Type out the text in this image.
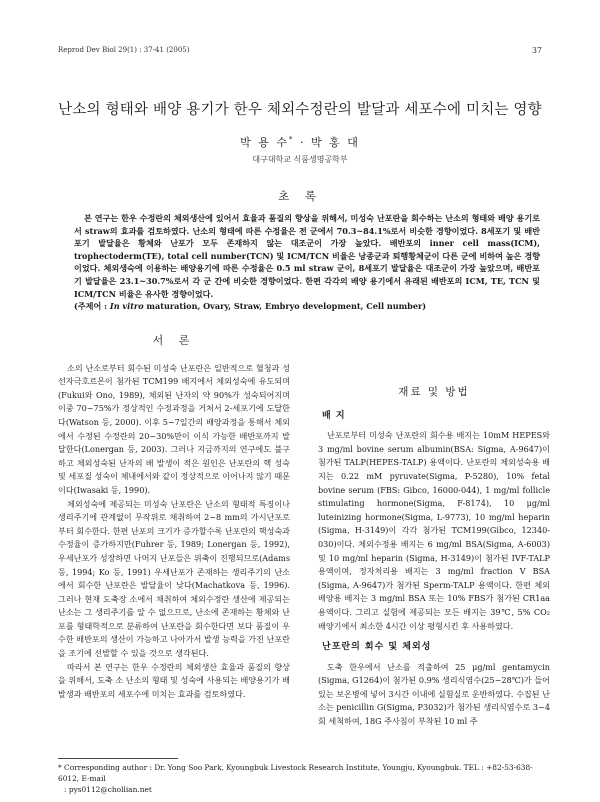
Reprod Dev Biol 29(1) : 37-41 (2005)	37
난소의 형태와 배양 용기가 한우 체외수정란의 발달과 세포수에 미치는 영향
박 용 수* · 박 홍 대
대구대학교 식품생명공학부
초 록

본 연구는 한우 수정란의 체외생산에 있어서 효율과 품질의 향상을 위해서, 미성숙 난포란을 회수하는 난소의 형태와 배양 용기로서 straw의 효과를 검토하였다. 난소의 형태에 따른 수정율은 전 군에서 70.3~84.1%로서 비슷한 경향이었다. 8세포기 및 배반포기 발달율은 황체와 난포가 모두 존재하지 않는 대조군이 가장 높았다. 배반포의 inner cell mass(ICM), trophectoderm(TE), total cell number(TCN) 및 ICM/TCN 비율은 낭종군과 퇴행황체군이 다른 군에 비하여 높은 경향이었다. 체외생숙에 이용하는 배양용기에 따른 수정율은 0.5 ml straw 군이, 8세포기 발달율은 대조군이 가장 높았으며, 배반포기 발달율은 23.1~30.7%로서 각 군 간에 비슷한 경향이었다. 한편 각각의 배양 용기에서 유래된 배반포의 ICM, TE, TCN 및 ICM/TCN 비율은 유사한 경향이었다.

(주제어 : In vitro maturation, Ovary, Straw, Embryo development, Cell number)

서 론

소의 난소로부터 회수된 미성숙 난포란은 일반적으로 혈청과 성선자극호르몬이 첨가된 TCM199 배지에서 체외성숙에 유도되며(Fukui와 Ono, 1989), 체외된 난자의 약 90%가 성숙되어지며 이중 70~75%가 정상적인 수정과정을 거쳐서 2-세포기에 도달한다(Watson 등, 2000). 이후 5~7일간의 배양과정을 통해서 체외에서 수정된 수정란의 20~30%만이 이식 가능한 배반포까지 발달한다(Lonergan 등, 2003). 그러나 지금까지의 연구에도 불구하고 체외성숙된 난자의 배 발생이 적은 원인은 난포란의 핵 성숙 및 세포질 성숙이 체내에서와 같이 정상적으로 이어나지 않기 때문이다(Iwasaki 등, 1990).

체외성숙에 제공되는 미성숙 난포란은 난소의 형태적 특징이나 생리주기에 관계없이 무작위로 채취하여 2~8 mm의 가시난포로부터 회수한다. 한편 난포의 크기가 증가할수록 난포란의 핵성숙과 수정율이 증가하지만(Fuhrer 등, 1989; Lonergan 등, 1992), 우세난포가 성장하면 나머지 난포들은 위축이 진행되므로(Adams 등, 1994; Ko 등, 1991) 우세난포가 존재하는 생리주기의 난소에서 회수한 난포란은 발달율이 낮다(Machatkova 등, 1996). 그러나 현재 도축장 소에서 채취하여 체외수정란 생산에 제공되는 난소는 그 생리주기를 알 수 없으므로, 난소에 존재하는 황체와 난포를 형태학적으로 분류하여 난포란을 회수한다면 보다 품질이 우수한 배반포의 생산이 가능하고 나아가서 발생 능력을 가진 난포란을 조기에 선발할 수 있을 것으로 생각된다.

따라서 본 연구는 한우 수정란의 체외생산 효율과 품질의 향상을 위해서, 도축 소 난소의 형태 및 성숙에 사용되는 배양용기가 배 발생과 배반포의 세포수에 미치는 효과를 검토하였다.

재료 및 방법
배 지

난포로부터 미성숙 난포란의 회수용 배지는 10mM HEPES와 3 mg/ml bovine serum albumin(BSA: Sigma, A-9647)이 첨가된 TALP(HEPES-TALP) 용액이다. 난포란의 체외성숙용 배지는 0.22 mM pyruvate(Sigma, P-5280), 10% fetal bovine serum (FBS: Gibco, 16000-044), 1 mg/ml follicle stimulating hormone(Sigma, F-8174), 10 μg/ml luteinizing hormone(Sigma, L-9773), 10 mg/ml heparin (Sigma, H-3149)이 각각 첨가된 TCM199(Gibco, 12340-030)이다. 체외수정용 배지는 6 mg/ml BSA(Sigma, A-6003)및 10 mg/ml heparin (Sigma, H-3149)이 첨가된 IVF-TALP 용액이며, 정자처리용 배지는 3 mg/ml fraction V BSA (Sigma, A-9647)가 첨가된 Sperm-TALP 용액이다. 한편 체외배양용 배지는 3 mg/ml BSA 또는 10% FBS가 첨가된 CR1aa 용액이다. 그리고 실험에 제공되는 모든 배지는 39℃, 5% CO₂ 배양기에서 최소한 4시간 이상 평형시킨 후 사용하였다.

난포란의 회수 및 체외성

도축 한우에서 난소를 적출하여 25 μg/ml gentamycin (Sigma, G1264)이 첨가된 0.9% 생리식염수(25~28℃)가 들어있는 보온병에 넣어 3시간 이내에 실험실로 운반하였다. 수집된 난소는 penicillin G(Sigma, P3032)가 첨가된 생리식염수로 3~4회 세척하여, 18G 주사침이 부착된 10 ml 주

* Corresponding author : Dr. Yong Soo Park, Kyoungbuk Livestock Research Institute, Youngju, Kyoungbuk. TEL : +82-53-638-6012, E-mail
: pys0112@chollian.net
